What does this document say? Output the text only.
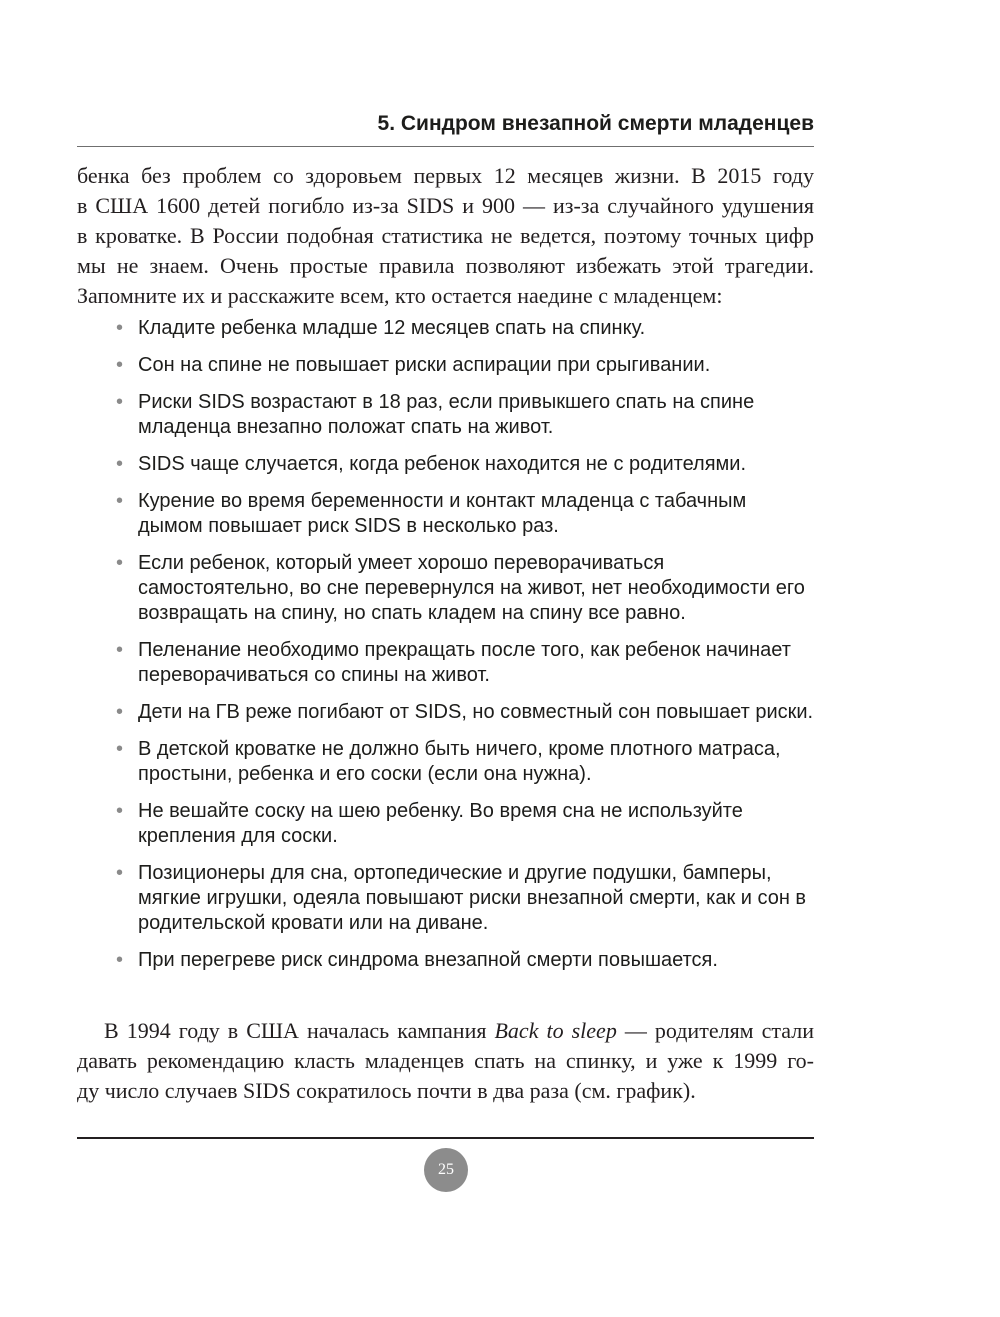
5. Синдром внезапной смерти младенцев

бенка без проблем со здоровьем первых 12 месяцев жизни. В 2015 году
в США 1600 детей погибло из-за SIDS и 900 — из-за случайного удушения
в кроватке. В России подобная статистика не ведется, поэтому точных цифр
мы не знаем. Очень простые правила позволяют избежать этой трагедии.
Запомните их и расскажите всем, кто остается наедине с младенцем:

• Кладите ребенка младше 12 месяцев спать на спинку.
• Сон на спине не повышает риски аспирации при срыгивании.
• Риски SIDS возрастают в 18 раз, если привыкшего спать на спине младенца внезапно положат спать на живот.
• SIDS чаще случается, когда ребенок находится не с родителями.
• Курение во время беременности и контакт младенца с табачным дымом повышает риск SIDS в несколько раз.
• Если ребенок, который умеет хорошо переворачиваться самостоятельно, во сне перевернулся на живот, нет необходимости его возвращать на спину, но спать кладем на спину все равно.
• Пеленание необходимо прекращать после того, как ребенок начинает переворачиваться со спины на живот.
• Дети на ГВ реже погибают от SIDS, но совместный сон повышает риски.
• В детской кроватке не должно быть ничего, кроме плотного матраса, простыни, ребенка и его соски (если она нужна).
• Не вешайте соску на шею ребенку. Во время сна не используйте крепления для соски.
• Позиционеры для сна, ортопедические и другие подушки, бамперы, мягкие игрушки, одеяла повышают риски внезапной смерти, как и сон в родительской кровати или на диване.
• При перегреве риск синдрома внезапной смерти повышается.

В 1994 году в США началась кампания Back to sleep — родителям стали
давать рекомендацию класть младенцев спать на спинку, и уже к 1999 го-
ду число случаев SIDS сократилось почти в два раза (см. график).

25
